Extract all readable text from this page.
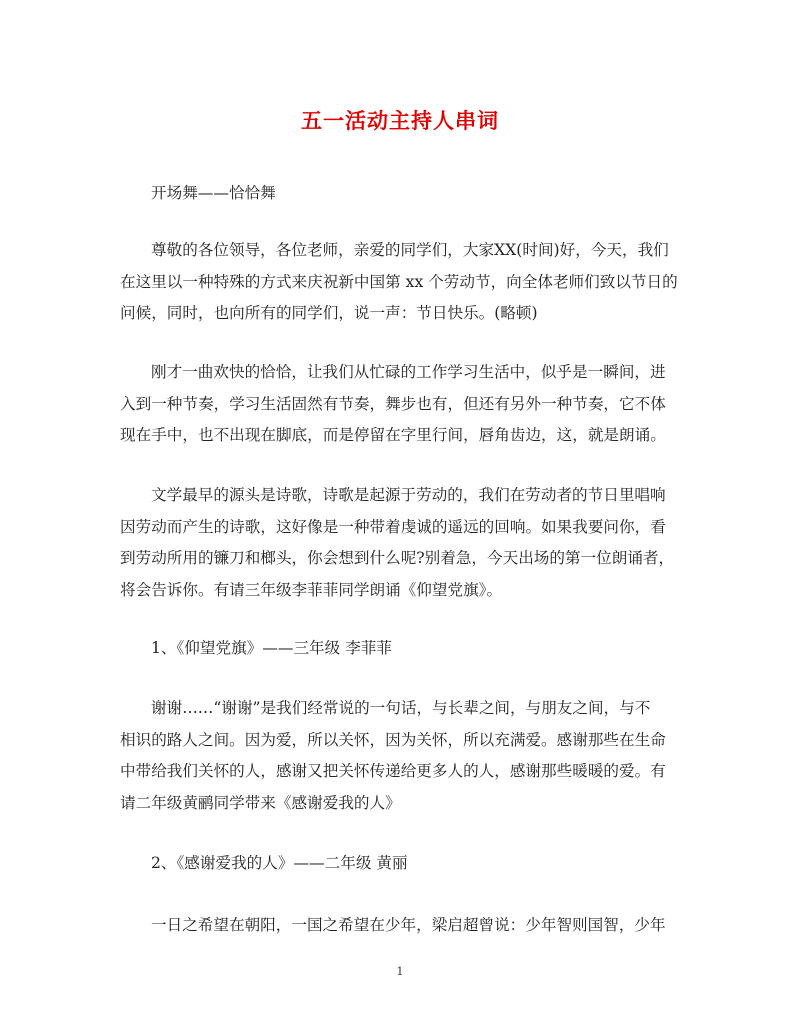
五一活动主持人串词
开场舞——恰恰舞
尊敬的各位领导，各位老师，亲爱的同学们，大家XX(时间)好，今天，我们
在这里以一种特殊的方式来庆祝新中国第 xx 个劳动节，向全体老师们致以节日的
问候，同时，也向所有的同学们，说一声：节日快乐。(略顿)
刚才一曲欢快的恰恰，让我们从忙碌的工作学习生活中，似乎是一瞬间，进
入到一种节奏，学习生活固然有节奏，舞步也有，但还有另外一种节奏，它不体
现在手中，也不出现在脚底，而是停留在字里行间，唇角齿边，这，就是朗诵。
文学最早的源头是诗歌，诗歌是起源于劳动的，我们在劳动者的节日里唱响
因劳动而产生的诗歌，这好像是一种带着虔诚的遥远的回响。如果我要问你，看
到劳动所用的镰刀和榔头，你会想到什么呢?别着急，今天出场的第一位朗诵者，
将会告诉你。有请三年级李菲菲同学朗诵《仰望党旗》。
1、《仰望党旗》——三年级 李菲菲
谢谢……“谢谢”是我们经常说的一句话，与长辈之间，与朋友之间，与不
相识的路人之间。因为爱，所以关怀，因为关怀，所以充满爱。感谢那些在生命
中带给我们关怀的人，感谢又把关怀传递给更多人的人，感谢那些暖暖的爱。有
请二年级黄鹂同学带来《感谢爱我的人》
2、《感谢爱我的人》——二年级 黄丽
一日之希望在朝阳，一国之希望在少年，梁启超曾说：少年智则国智，少年
1
